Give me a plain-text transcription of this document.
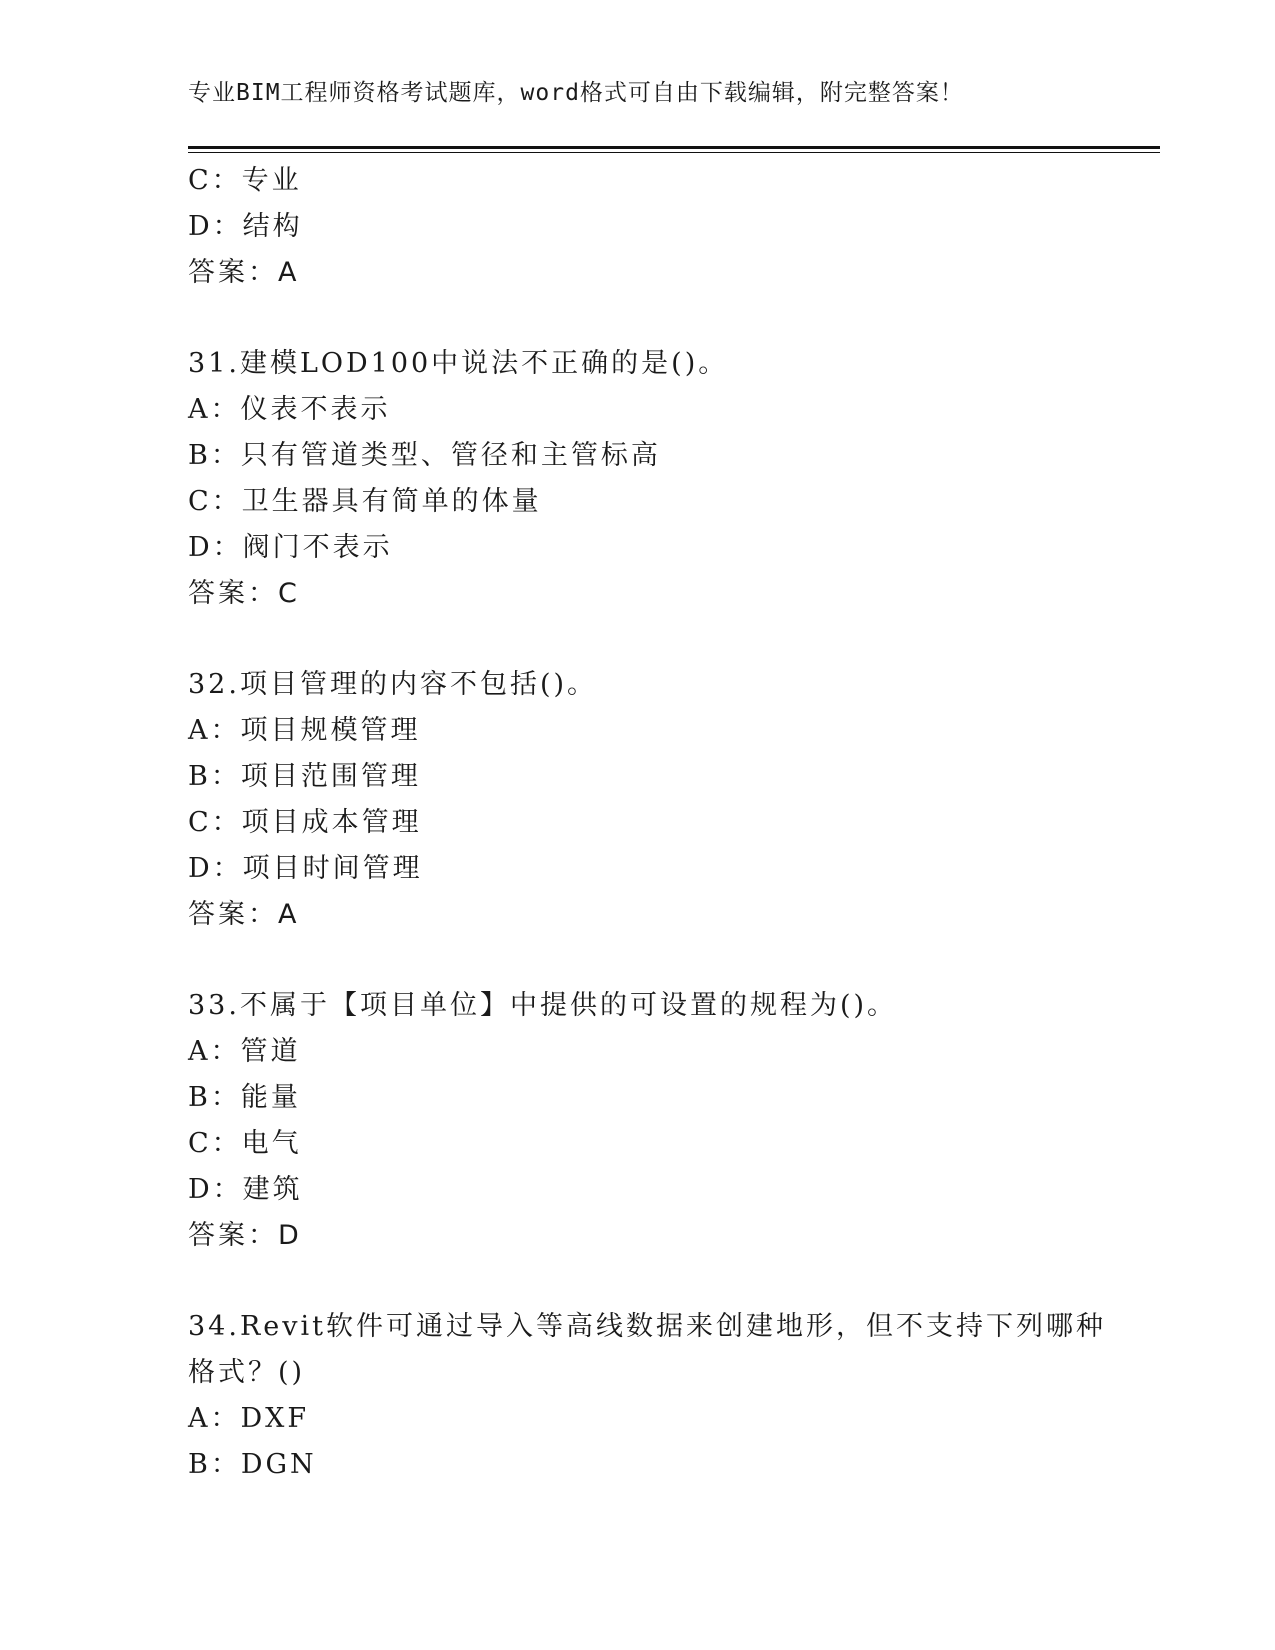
专业BIM工程师资格考试题库，word格式可自由下载编辑，附完整答案！
C：专业
D：结构
答案：A
31.建模LOD100中说法不正确的是()。
A：仪表不表示
B：只有管道类型、管径和主管标高
C：卫生器具有简单的体量
D：阀门不表示
答案：C
32.项目管理的内容不包括()。
A：项目规模管理
B：项目范围管理
C：项目成本管理
D：项目时间管理
答案：A
33.不属于【项目单位】中提供的可设置的规程为()。
A：管道
B：能量
C：电气
D：建筑
答案：D
34.Revit软件可通过导入等高线数据来创建地形，但不支持下列哪种
格式？()
A：DXF
B：DGN
